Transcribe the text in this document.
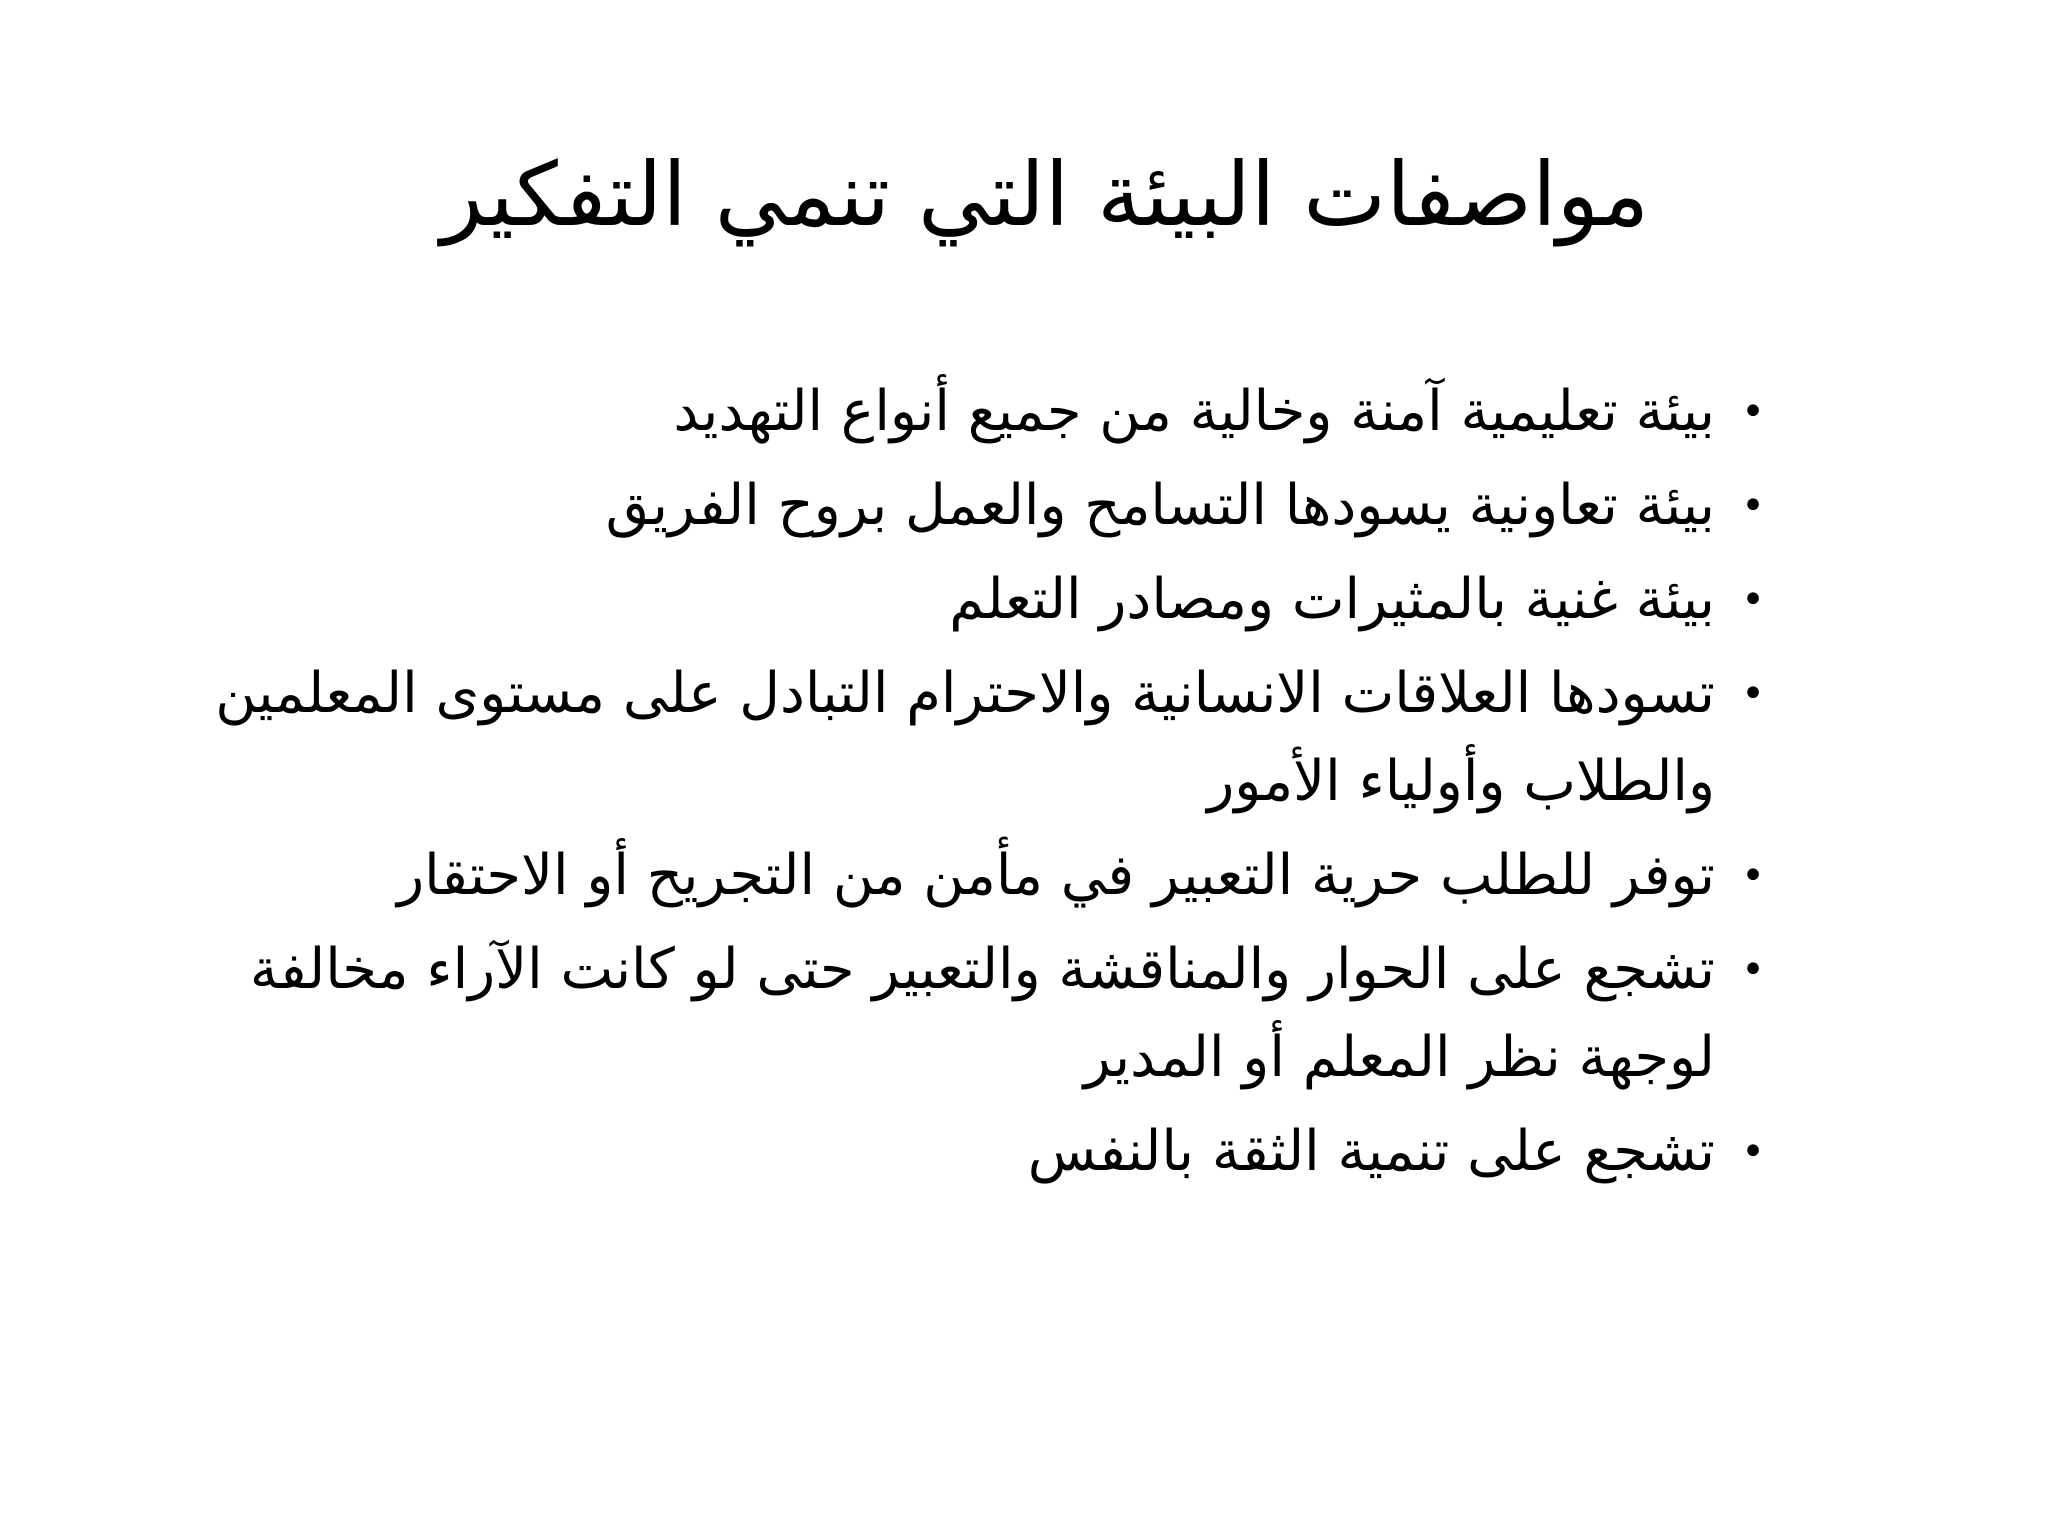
مواصفات البيئة التي تنمي التفكير
•
بيئة تعليمية آمنة وخالية من جميع أنواع التهديد
•
بيئة تعاونية يسودها التسامح والعمل بروح الفريق
•
بيئة غنية بالمثيرات ومصادر التعلم
•
تسودها العلاقات الانسانية والاحترام التبادل على مستوى المعلمين والطلاب وأولياء الأمور
•
توفر للطلب حرية التعبير في مأمن من التجريح أو الاحتقار
•
تشجع على الحوار والمناقشة والتعبير حتى لو كانت الآراء مخالفة لوجهة نظر المعلم أو المدير
•
تشجع على تنمية الثقة بالنفس
